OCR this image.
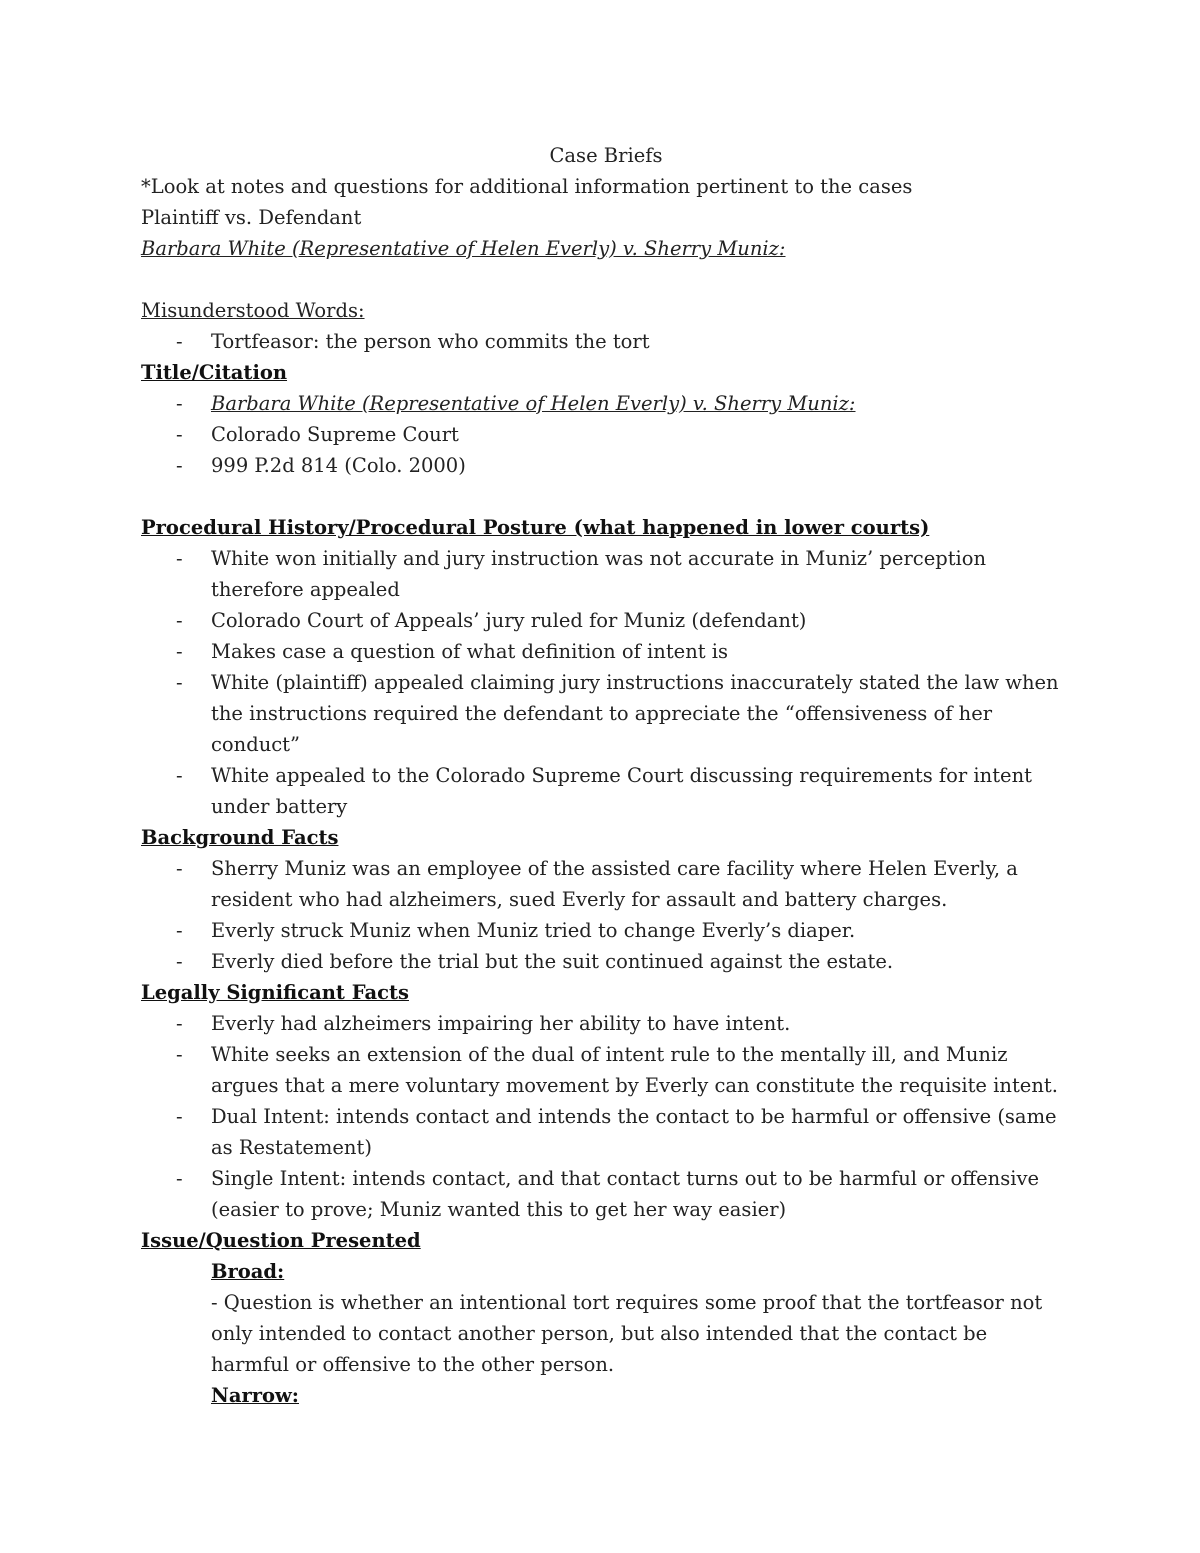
Case Briefs
*Look at notes and questions for additional information pertinent to the cases
Plaintiff vs. Defendant
Barbara White (Representative of Helen Everly) v. Sherry Muniz:
Misunderstood Words:
- Tortfeasor: the person who commits the tort
Title/Citation
- Barbara White (Representative of Helen Everly) v. Sherry Muniz:
- Colorado Supreme Court
- 999 P.2d 814 (Colo. 2000)
Procedural History/Procedural Posture (what happened in lower courts)
- White won initially and jury instruction was not accurate in Muniz’ perception therefore appealed
- Colorado Court of Appeals’ jury ruled for Muniz (defendant)
- Makes case a question of what definition of intent is
- White (plaintiff) appealed claiming jury instructions inaccurately stated the law when the instructions required the defendant to appreciate the “offensiveness of her conduct”
- White appealed to the Colorado Supreme Court discussing requirements for intent under battery
Background Facts
- Sherry Muniz was an employee of the assisted care facility where Helen Everly, a resident who had alzheimers, sued Everly for assault and battery charges.
- Everly struck Muniz when Muniz tried to change Everly’s diaper.
- Everly died before the trial but the suit continued against the estate.
Legally Significant Facts
- Everly had alzheimers impairing her ability to have intent.
- White seeks an extension of the dual of intent rule to the mentally ill, and Muniz argues that a mere voluntary movement by Everly can constitute the requisite intent.
- Dual Intent: intends contact and intends the contact to be harmful or offensive (same as Restatement)
- Single Intent: intends contact, and that contact turns out to be harmful or offensive (easier to prove; Muniz wanted this to get her way easier)
Issue/Question Presented
Broad:
- Question is whether an intentional tort requires some proof that the tortfeasor not only intended to contact another person, but also intended that the contact be harmful or offensive to the other person.
Narrow:
